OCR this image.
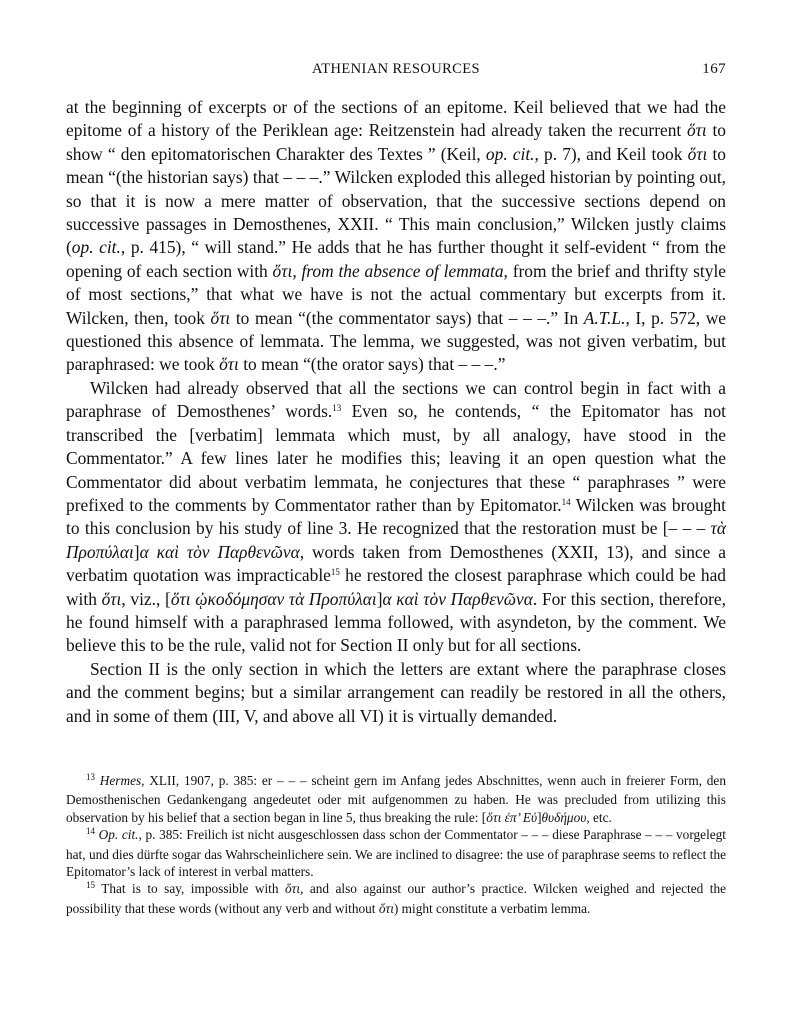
ATHENIAN RESOURCES	167

at the beginning of excerpts or of the sections of an epitome. Keil believed that we had the epitome of a history of the Periklean age: Reitzenstein had already taken the recurrent ὅτι to show “ den epitomatorischen Charakter des Textes ” (Keil, op. cit., p. 7), and Keil took ὅτι to mean “(the historian says) that – – –.” Wilcken exploded this alleged historian by pointing out, so that it is now a mere matter of observation, that the successive sections depend on successive passages in Demosthenes, XXII. “ This main conclusion,” Wilcken justly claims (op. cit., p. 415), “ will stand.” He adds that he has further thought it self-evident “ from the opening of each section with ὅτι, from the absence of lemmata, from the brief and thrifty style of most sections,” that what we have is not the actual commentary but excerpts from it. Wilcken, then, took ὅτι to mean “(the commentator says) that – – –.” In A.T.L., I, p. 572, we questioned this absence of lemmata. The lemma, we suggested, was not given verbatim, but paraphrased: we took ὅτι to mean “(the orator says) that – – –.”

Wilcken had already observed that all the sections we can control begin in fact with a paraphrase of Demosthenes’ words.$^{13}$ Even so, he contends, “ the Epitomator has not transcribed the [verbatim] lemmata which must, by all analogy, have stood in the Commentator.” A few lines later he modifies this; leaving it an open question what the Commentator did about verbatim lemmata, he conjectures that these “ paraphrases ” were prefixed to the comments by Commentator rather than by Epitomator.$^{14}$ Wilcken was brought to this conclusion by his study of line 3. He recognized that the restoration must be [– – – τὰ Προπύλαι]α καὶ τὸν Παρθενῶνα, words taken from Demosthenes (XXII, 13), and since a verbatim quotation was impracticable$^{15}$ he restored the closest paraphrase which could be had with ὅτι, viz., [ὅτι ᾠκοδόμησαν τὰ Προπύλαι]α καὶ τὸν Παρθενῶνα. For this section, therefore, he found himself with a paraphrased lemma followed, with asyndeton, by the comment. We believe this to be the rule, valid not for Section II only but for all sections.

Section II is the only section in which the letters are extant where the paraphrase closes and the comment begins; but a similar arrangement can readily be restored in all the others, and in some of them (III, V, and above all VI) it is virtually demanded.

$^{13}$ Hermes, XLII, 1907, p. 385: er – – – scheint gern im Anfang jedes Abschnittes, wenn auch in freierer Form, den Demosthenischen Gedankengang angedeutet oder mit aufgenommen zu haben. He was precluded from utilizing this observation by his belief that a section began in line 5, thus breaking the rule: [ὅτι ἐπ’ Εὐ]θυδήμου, etc.

$^{14}$ Op. cit., p. 385: Freilich ist nicht ausgeschlossen dass schon der Commentator – – – diese Paraphrase – – – vorgelegt hat, und dies dürfte sogar das Wahrscheinlichere sein. We are inclined to disagree: the use of paraphrase seems to reflect the Epitomator’s lack of interest in verbal matters.

$^{15}$ That is to say, impossible with ὅτι, and also against our author’s practice. Wilcken weighed and rejected the possibility that these words (without any verb and without ὅτι) might constitute a verbatim lemma.
